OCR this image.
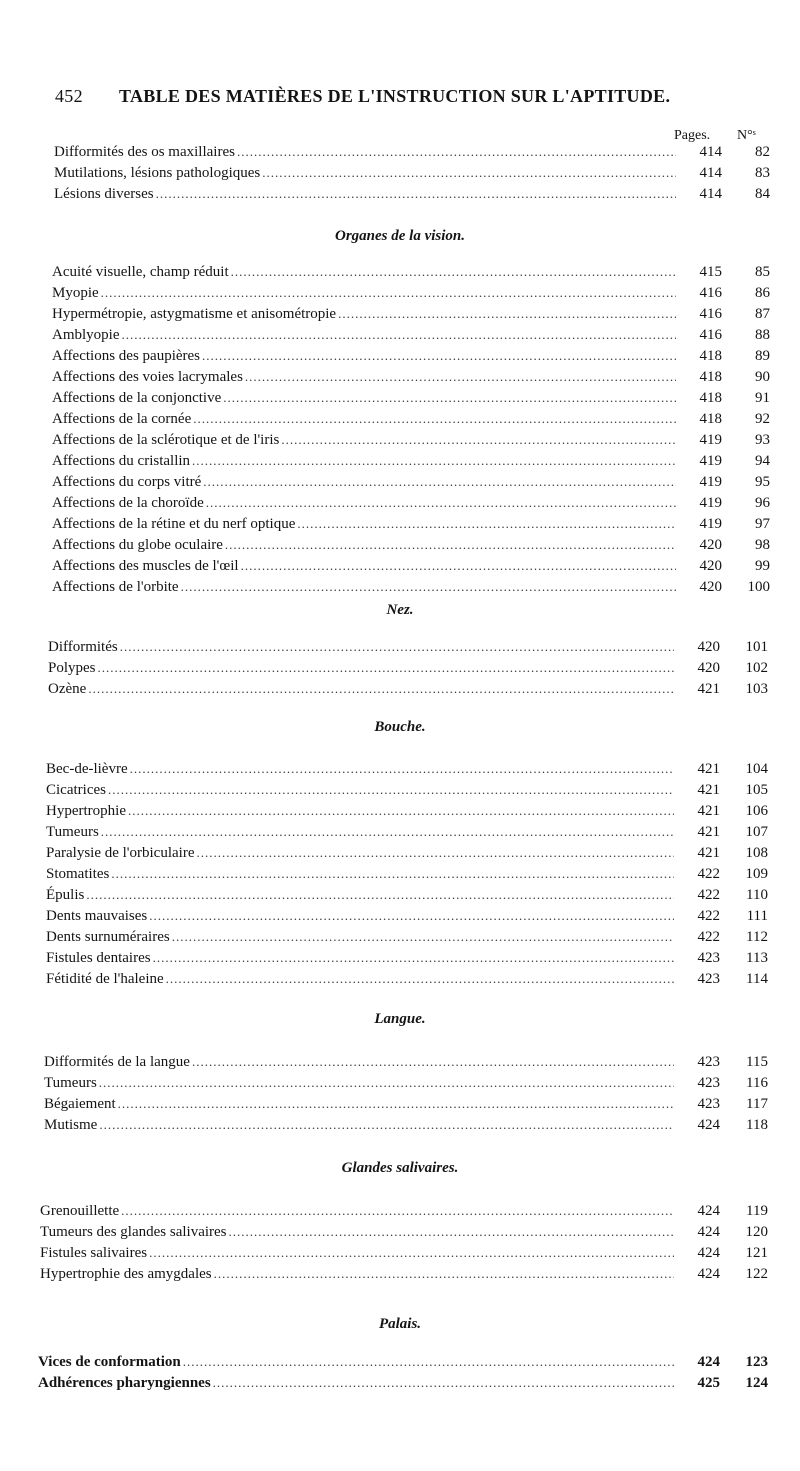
452 TABLE DES MATIÈRES DE L'INSTRUCTION SUR L'APTITUDE.
Pages. N°ˢ
Difformités des os maxillaires .....	414	82
Mutilations, lésions pathologiques .....	414	83
Lésions diverses .....	414	84
Organes de la vision.
Acuité visuelle, champ réduit .....	415	85
Myopie .....	416	86
Hypermétropie, astygmatisme et anisométropie .....	416	87
Amblyopie .....	416	88
Affections des paupières .....	418	89
Affections des voies lacrymales .....	418	90
Affections de la conjonctive .....	418	91
Affections de la cornée .....	418	92
Affections de la sclérotique et de l'iris .....	419	93
Affections du cristallin .....	419	94
Affections du corps vitré .....	419	95
Affections de la choroïde .....	419	96
Affections de la rétine et du nerf optique .....	419	97
Affections du globe oculaire .....	420	98
Affections des muscles de l'œil .....	420	99
Affections de l'orbite .....	420	100
Nez.
Difformités .....	420	101
Polypes .....	420	102
Ozène .....	421	103
Bouche.
Bec-de-lièvre .....	421	104
Cicatrices .....	421	105
Hypertrophie .....	421	106
Tumeurs .....	421	107
Paralysie de l'orbiculaire .....	421	108
Stomatites .....	422	109
Épulis .....	422	110
Dents mauvaises .....	422	111
Dents surnuméraires .....	422	112
Fistules dentaires .....	423	113
Fétidité de l'haleine .....	423	114
Langue.
Difformités de la langue .....	423	115
Tumeurs .....	423	116
Bégaiement .....	423	117
Mutisme .....	424	118
Glandes salivaires.
Grenouillette .....	424	119
Tumeurs des glandes salivaires .....	424	120
Fistules salivaires .....	424	121
Hypertrophie des amygdales .....	424	122
Palais.
Vices de conformation .....	424	123
Adhérences pharyngiennes .....	425	124
